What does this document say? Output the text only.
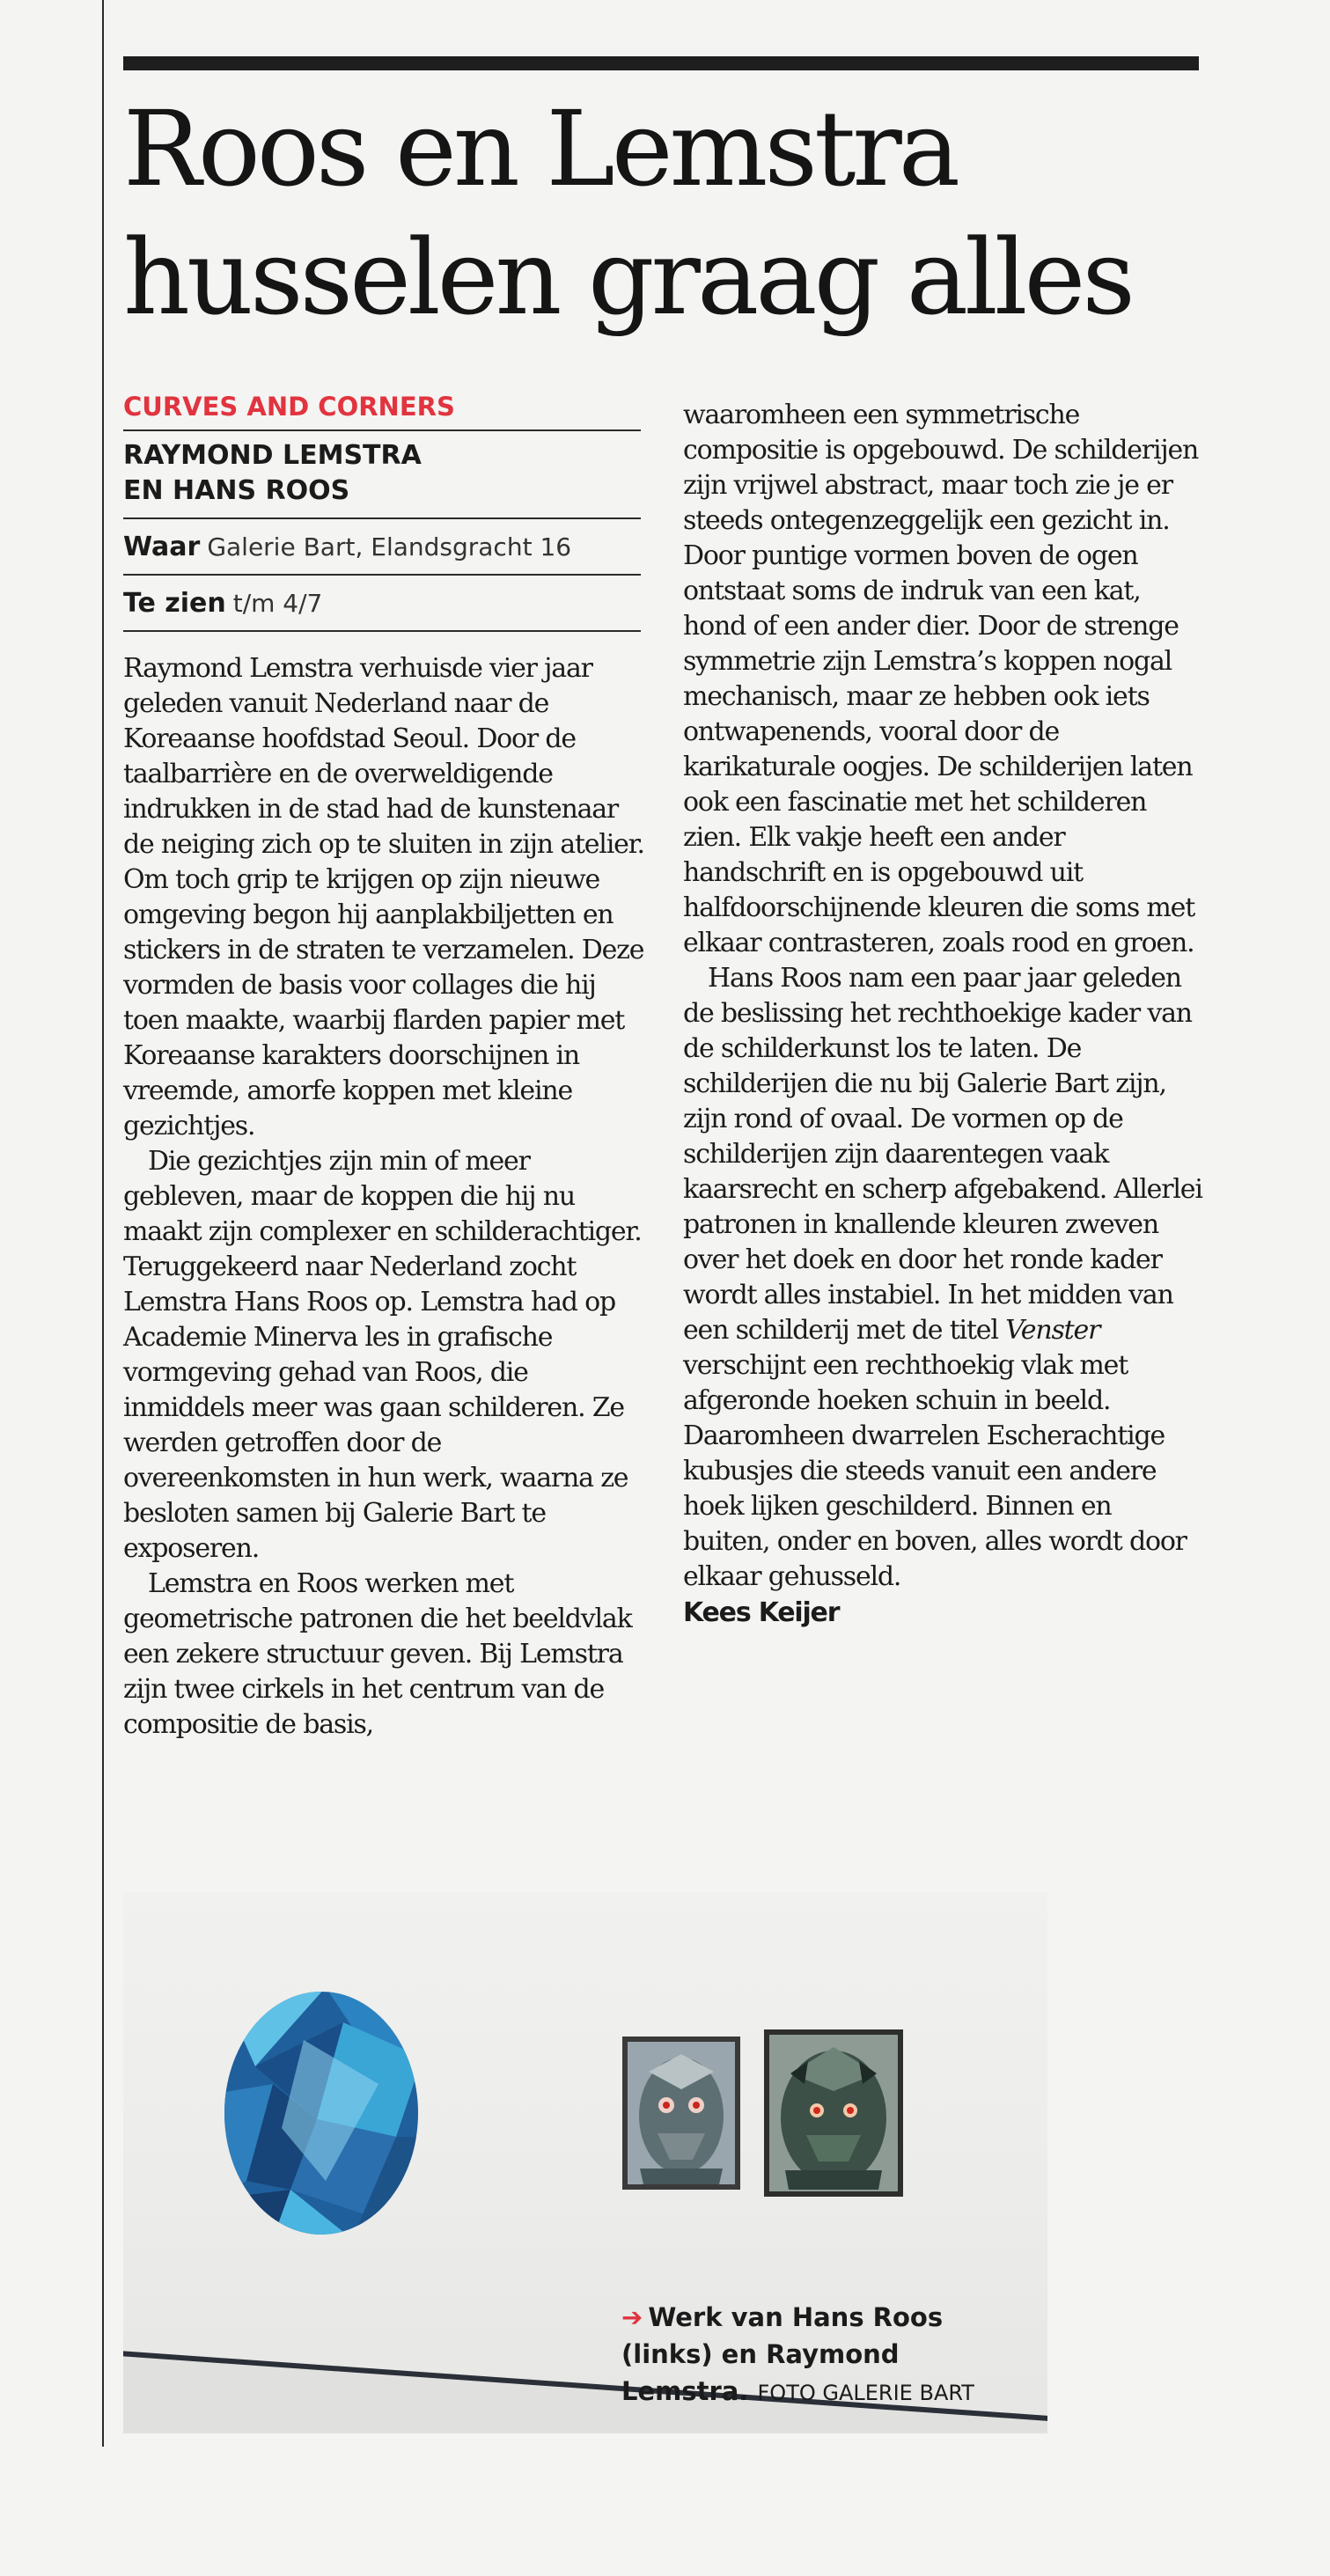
Roos en Lemstra
husselen graag alles
CURVES AND CORNERS
RAYMOND LEMSTRA
EN HANS ROOS
Waar Galerie Bart, Elandsgracht 16
Te zien t/m 4/7

Raymond Lemstra verhuisde vier jaar geleden vanuit Nederland naar de Koreaanse hoofdstad Seoul. Door de taalbarrière en de overweldigende indrukken in de stad had de kunstenaar de neiging zich op te sluiten in zijn atelier. Om toch grip te krijgen op zijn nieuwe omgeving begon hij aanplakbiljetten en stickers in de straten te verzamelen. Deze vormden de basis voor collages die hij toen maakte, waarbij flarden papier met Koreaanse karakters doorschijnen in vreemde, amorfe koppen met kleine gezichtjes.

Die gezichtjes zijn min of meer gebleven, maar de koppen die hij nu maakt zijn complexer en schilderachtiger. Teruggekeerd naar Nederland zocht Lemstra Hans Roos op. Lemstra had op Academie Minerva les in grafische vormgeving gehad van Roos, die inmiddels meer was gaan schilderen. Ze werden getroffen door de overeenkomsten in hun werk, waarna ze besloten samen bij Galerie Bart te exposeren.

Lemstra en Roos werken met geometrische patronen die het beeldvlak een zekere structuur geven. Bij Lemstra zijn twee cirkels in het centrum van de compositie de basis,

waaromheen een symmetrische compositie is opgebouwd. De schilderijen zijn vrijwel abstract, maar toch zie je er steeds ontegenzeggelijk een gezicht in. Door puntige vormen boven de ogen ontstaat soms de indruk van een kat, hond of een ander dier. Door de strenge symmetrie zijn Lemstra’s koppen nogal mechanisch, maar ze hebben ook iets ontwapenends, vooral door de karikaturale oogjes. De schilderijen laten ook een fascinatie met het schilderen zien. Elk vakje heeft een ander handschrift en is opgebouwd uit halfdoorschijnende kleuren die soms met elkaar contrasteren, zoals rood en groen.

Hans Roos nam een paar jaar geleden de beslissing het rechthoekige kader van de schilderkunst los te laten. De schilderijen die nu bij Galerie Bart zijn, zijn rond of ovaal. De vormen op de schilderijen zijn daarentegen vaak kaarsrecht en scherp afgebakend. Allerlei patronen in knallende kleuren zweven over het doek en door het ronde kader wordt alles instabiel. In het midden van een schilderij met de titel Venster verschijnt een rechthoekig vlak met afgeronde hoeken schuin in beeld. Daaromheen dwarrelen Escherachtige kubusjes die steeds vanuit een andere hoek lijken geschilderd. Binnen en buiten, onder en boven, alles wordt door elkaar gehusseld.

Kees Keijer
➔ Werk van Hans Roos (links) en Raymond Lemstra. FOTO GALERIE BART
